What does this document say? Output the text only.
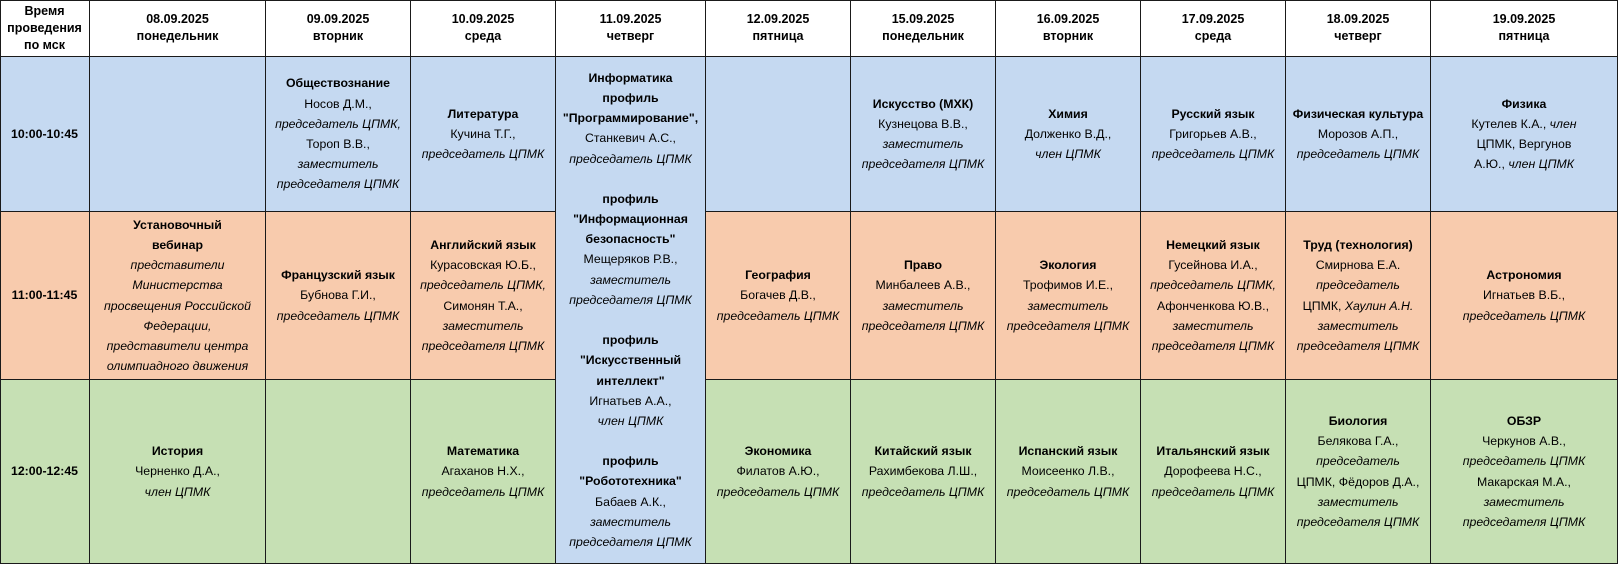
Время
проведения
по мск
08.09.2025
понедельник
09.09.2025
вторник
10.09.2025
среда
11.09.2025
четверг
12.09.2025
пятница
15.09.2025
понедельник
16.09.2025
вторник
17.09.2025
среда
18.09.2025
четверг
19.09.2025
пятница
10:00-10:45
Обществознание
Носов Д.М.,
председатель ЦПМК,
Тороп В.В.,
заместитель
председателя ЦПМК
Литература
Кучина Т.Г.,
председатель ЦПМК
Искусство (МХК)
Кузнецова В.В.,
заместитель
председателя ЦПМК
Химия
Долженко В.Д.,
член ЦПМК
Русский язык
Григорьев А.В.,
председатель ЦПМК
Физическая культура
Морозов А.П.,
председатель ЦПМК
Физика
Кутелев К.А., член
ЦПМК, Вергунов
А.Ю., член ЦПМК
11:00-11:45
Установочный
вебинар
представители
Министерства
просвещения Российской
Федерации,
представители центра
олимпиадного движения
Французский язык
Бубнова Г.И.,
председатель ЦПМК
Английский язык
Курасовская Ю.Б.,
председатель ЦПМК,
Симонян Т.А.,
заместитель
председателя ЦПМК
География
Богачев Д.В.,
председатель ЦПМК
Право
Минбалеев А.В.,
заместитель
председателя ЦПМК
Экология
Трофимов И.Е.,
заместитель
председателя ЦПМК
Немецкий язык
Гусейнова И.А.,
председатель ЦПМК,
Афонченкова Ю.В.,
заместитель
председателя ЦПМК
Труд (технология)
Смирнова Е.А.
председатель
ЦПМК, Хаулин А.Н.
заместитель
председателя ЦПМК
Астрономия
Игнатьев В.Б.,
председатель ЦПМК
12:00-12:45
История
Черненко Д.А.,
член ЦПМК
Математика
Агаханов Н.Х.,
председатель ЦПМК
Экономика
Филатов А.Ю.,
председатель ЦПМК
Китайский язык
Рахимбекова Л.Ш.,
председатель ЦПМК
Испанский язык
Моисеенко Л.В.,
председатель ЦПМК
Итальянский язык
Дорофеева Н.С.,
председатель ЦПМК
Биология
Белякова Г.А.,
председатель
ЦПМК, Фёдоров Д.А.,
заместитель
председателя ЦПМК
ОБЗР
Черкунов А.В.,
председатель ЦПМК
Макарская М.А.,
заместитель
председателя ЦПМК
Информатика
профиль
"Программирование",
Станкевич А.С.,
председатель ЦПМК
профиль
"Информационная
безопасность"
Мещеряков Р.В.,
заместитель
председателя ЦПМК
профиль
"Искусственный
интеллект"
Игнатьев А.А.,
член ЦПМК
профиль
"Робототехника"
Бабаев А.К.,
заместитель
председателя ЦПМК
